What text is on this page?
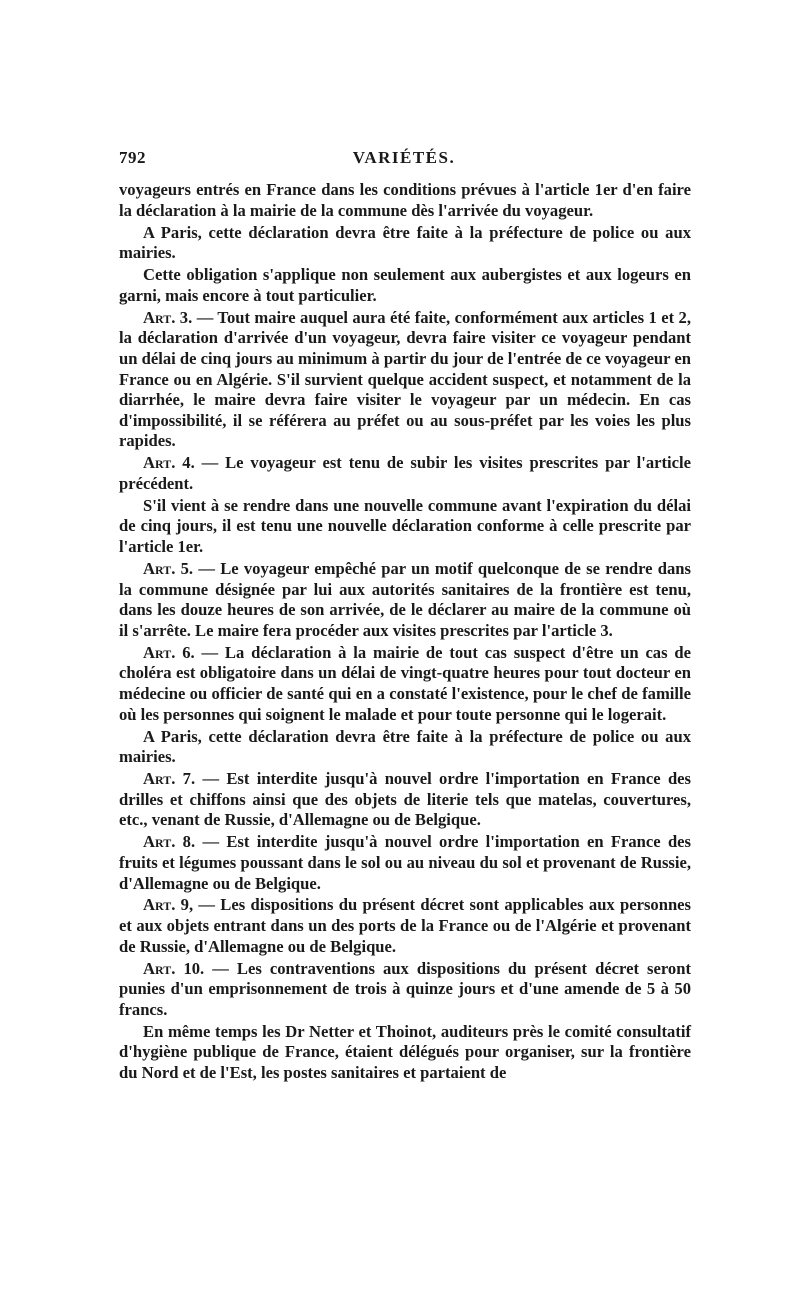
792	VARIÉTÉS.

voyageurs entrés en France dans les conditions prévues à l'article 1er d'en faire la déclaration à la mairie de la commune dès l'arrivée du voyageur.

A Paris, cette déclaration devra être faite à la préfecture de police ou aux mairies.

Cette obligation s'applique non seulement aux aubergistes et aux logeurs en garni, mais encore à tout particulier.

Art. 3. — Tout maire auquel aura été faite, conformément aux articles 1 et 2, la déclaration d'arrivée d'un voyageur, devra faire visiter ce voyageur pendant un délai de cinq jours au minimum à partir du jour de l'entrée de ce voyageur en France ou en Algérie. S'il survient quelque accident suspect, et notamment de la diarrhée, le maire devra faire visiter le voyageur par un médecin. En cas d'impossibilité, il se référera au préfet ou au sous-préfet par les voies les plus rapides.

Art. 4. — Le voyageur est tenu de subir les visites prescrites par l'article précédent.

S'il vient à se rendre dans une nouvelle commune avant l'expiration du délai de cinq jours, il est tenu une nouvelle déclaration conforme à celle prescrite par l'article 1er.

Art. 5. — Le voyageur empêché par un motif quelconque de se rendre dans la commune désignée par lui aux autorités sanitaires de la frontière est tenu, dans les douze heures de son arrivée, de le déclarer au maire de la commune où il s'arrête. Le maire fera procéder aux visites prescrites par l'article 3.

Art. 6. — La déclaration à la mairie de tout cas suspect d'être un cas de choléra est obligatoire dans un délai de vingt-quatre heures pour tout docteur en médecine ou officier de santé qui en a constaté l'existence, pour le chef de famille où les personnes qui soignent le malade et pour toute personne qui le logerait.

A Paris, cette déclaration devra être faite à la préfecture de police ou aux mairies.

Art. 7. — Est interdite jusqu'à nouvel ordre l'importation en France des drilles et chiffons ainsi que des objets de literie tels que matelas, couvertures, etc., venant de Russie, d'Allemagne ou de Belgique.

Art. 8. — Est interdite jusqu'à nouvel ordre l'importation en France des fruits et légumes poussant dans le sol ou au niveau du sol et provenant de Russie, d'Allemagne ou de Belgique.

Art. 9, — Les dispositions du présent décret sont applicables aux personnes et aux objets entrant dans un des ports de la France ou de l'Algérie et provenant de Russie, d'Allemagne ou de Belgique.

Art. 10. — Les contraventions aux dispositions du présent décret seront punies d'un emprisonnement de trois à quinze jours et d'une amende de 5 à 50 francs.

En même temps les Dr Netter et Thoinot, auditeurs près le comité consultatif d'hygiène publique de France, étaient délégués pour organiser, sur la frontière du Nord et de l'Est, les postes sanitaires et partaient de
